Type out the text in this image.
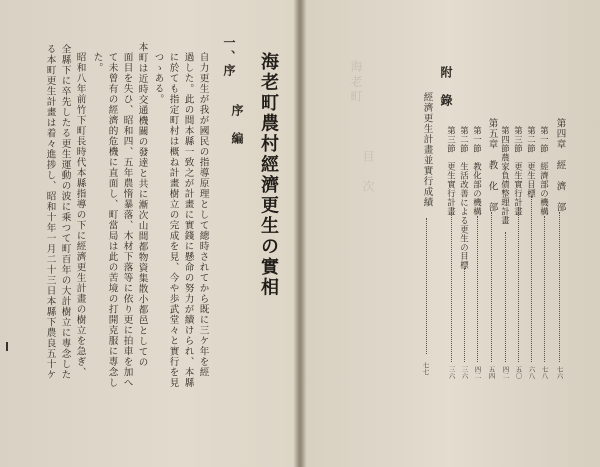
海老町農村經濟更生の實相
一、序
序　編
自力更生が我が國民の指導原理として總時されてから既に三ケ年を經
過した。此の間本縣一致之が計畫に實錢に懸命の努力が續けられ、本縣
に於ても指定町村は概ね計畫樹立の完成を見、今や歩武堂々と實行を見
つゝある。
本町は近時交通機關の發達と共に漸次山間都物資集散小都邑としての
面目を失ひ、昭和四、五年農惰暴落、木材下落等に依り更に拍車を加へ
て未曾有の經濟的危機に直面し、町當局は此の苦境の打開克服に專念し
た。
昭和八年前竹下町長時代本縣指導の下に經濟更生計畫の樹立を急ぎ、
全縣下に卒先したる更生運動の波に乘つて町百年の大計樹立に專念した
る本町更生計畫は着々進捗し、昭和十年一月二十三日本縣下農良五十ケ	海老町
目　次
附　錄
經濟更生計畫並實行成績
七七
第四章　經　濟　部
七六
第一節　經濟部の機構
七八
第二節　更生目標
六八
第三節　更生實行計畫
五〇
第四節農家負債整理計畫
四二
第五章　教　化　部
五四
第一節　教化部の機構
四二
第二節　生活改善による更生の目標
三六
第三節　更生實行計畫
三六
